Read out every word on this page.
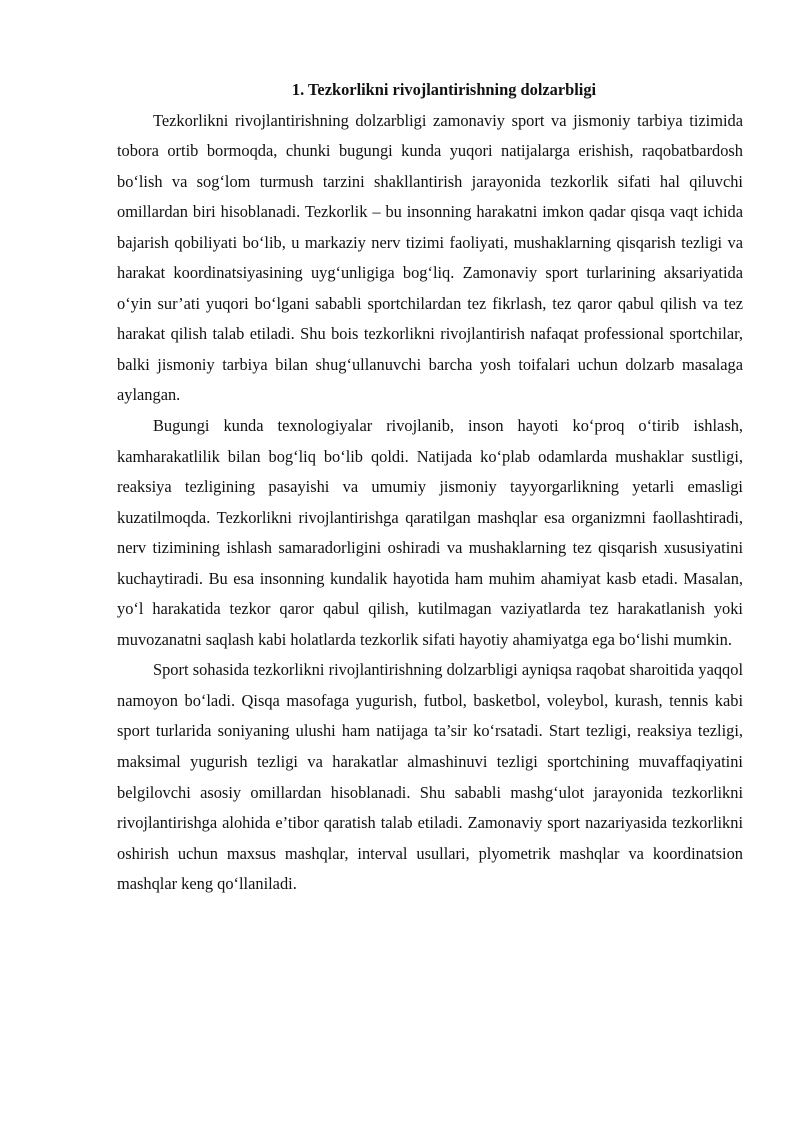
1. Tezkorlikni rivojlantirishning dolzarbligi

Tezkorlikni rivojlantirishning dolzarbligi zamonaviy sport va jismoniy tarbiya tizimida tobora ortib bormoqda, chunki bugungi kunda yuqori natijalarga erishish, raqobatbardosh bo‘lish va sog‘lom turmush tarzini shakllantirish jarayonida tezkorlik sifati hal qiluvchi omillardan biri hisoblanadi. Tezkorlik – bu insonning harakatni imkon qadar qisqa vaqt ichida bajarish qobiliyati bo‘lib, u markaziy nerv tizimi faoliyati, mushaklarning qisqarish tezligi va harakat koordinatsiyasining uyg‘unligiga bog‘liq. Zamonaviy sport turlarining aksariyatida o‘yin sur’ati yuqori bo‘lgani sababli sportchilardan tez fikrlash, tez qaror qabul qilish va tez harakat qilish talab etiladi. Shu bois tezkorlikni rivojlantirish nafaqat professional sportchilar, balki jismoniy tarbiya bilan shug‘ullanuvchi barcha yosh toifalari uchun dolzarb masalaga aylangan.

Bugungi kunda texnologiyalar rivojlanib, inson hayoti ko‘proq o‘tirib ishlash, kamharakatlilik bilan bog‘liq bo‘lib qoldi. Natijada ko‘plab odamlarda mushaklar sustligi, reaksiya tezligining pasayishi va umumiy jismoniy tayyorgarlikning yetarli emasligi kuzatilmoqda. Tezkorlikni rivojlantirishga qaratilgan mashqlar esa organizmni faollashtiradi, nerv tizimining ishlash samaradorligini oshiradi va mushaklarning tez qisqarish xususiyatini kuchaytiradi. Bu esa insonning kundalik hayotida ham muhim ahamiyat kasb etadi. Masalan, yo‘l harakatida tezkor qaror qabul qilish, kutilmagan vaziyatlarda tez harakatlanish yoki muvozanatni saqlash kabi holatlarda tezkorlik sifati hayotiy ahamiyatga ega bo‘lishi mumkin.

Sport sohasida tezkorlikni rivojlantirishning dolzarbligi ayniqsa raqobat sharoitida yaqqol namoyon bo‘ladi. Qisqa masofaga yugurish, futbol, basketbol, voleybol, kurash, tennis kabi sport turlarida soniyaning ulushi ham natijaga ta’sir ko‘rsatadi. Start tezligi, reaksiya tezligi, maksimal yugurish tezligi va harakatlar almashinuvi tezligi sportchining muvaffaqiyatini belgilovchi asosiy omillardan hisoblanadi. Shu sababli mashg‘ulot jarayonida tezkorlikni rivojlantirishga alohida e’tibor qaratish talab etiladi. Zamonaviy sport nazariyasida tezkorlikni oshirish uchun maxsus mashqlar, interval usullari, plyometrik mashqlar va koordinatsion mashqlar keng qo‘llaniladi.
